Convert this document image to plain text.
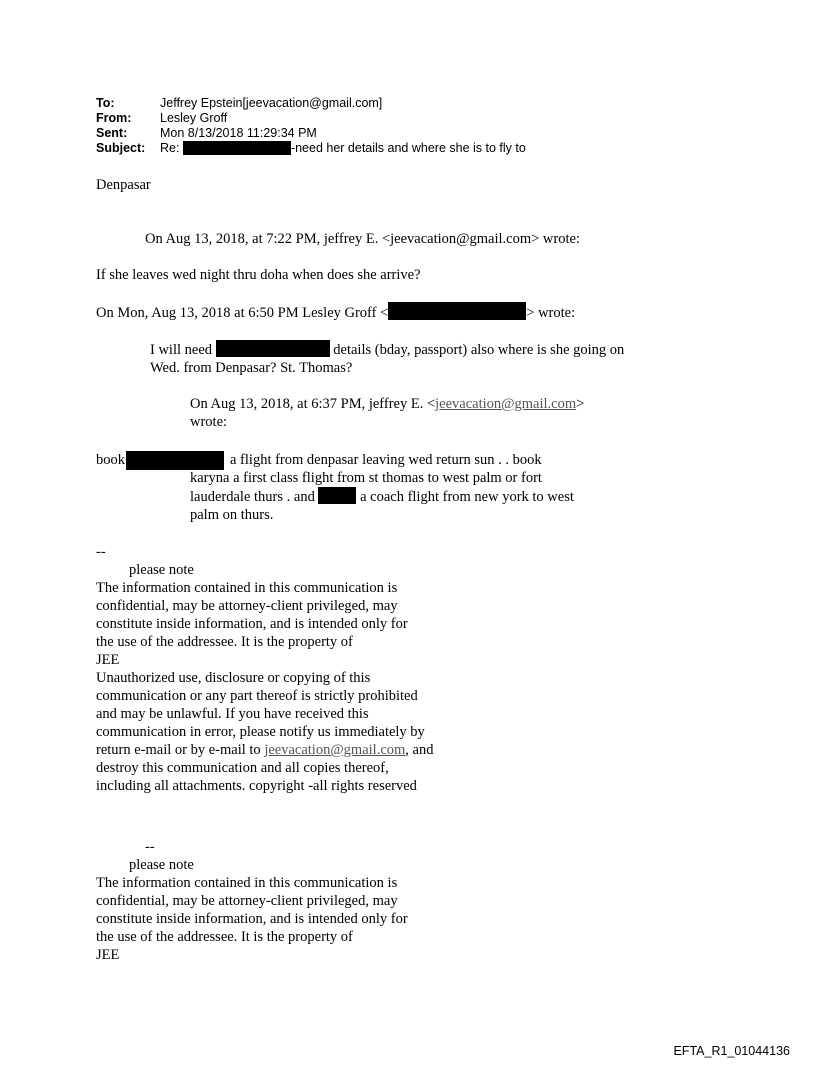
To:	Jeffrey Epstein[jeevacation@gmail.com]
From: Lesley Groff
Sent:	Mon 8/13/2018 11:29:34 PM
Subject: Re:	-need her details and where she is to fly to
Denpasar
On Aug 13, 2018, at 7:22 PM, jeffrey E. <jeevacation@gmail.com> wrote:
If she leaves wed night thru doha when does she arrive?
On Mon, Aug 13, 2018 at 6:50 PM Lesley Groff <	> wrote:
I will need	details (bday, passport) also where is she going on
Wed. from Denpasar? St. Thomas?
On Aug 13, 2018, at 6:37 PM, jeffrey E. <jeevacation@gmail.com>
wrote:
book	a flight from denpasar leaving wed return sun . . book
karyna a first class flight from st thomas to west palm or fort
lauderdale thurs . and	a coach flight from new york to west
palm on thurs.
--
please note
The information contained in this communication is
confidential, may be attorney-client privileged, may
constitute inside information, and is intended only for
the use of the addressee. It is the property of
JEE
Unauthorized use, disclosure or copying of this
communication or any part thereof is strictly prohibited
and may be unlawful. If you have received this
communication in error, please notify us immediately by
return e-mail or by e-mail to jeevacation@gmail.com, and
destroy this communication and all copies thereof,
including all attachments. copyright -all rights reserved
--
please note
The information contained in this communication is
confidential, may be attorney-client privileged, may
constitute inside information, and is intended only for
the use of the addressee. It is the property of
JEE
EFTA_R1_01044136
